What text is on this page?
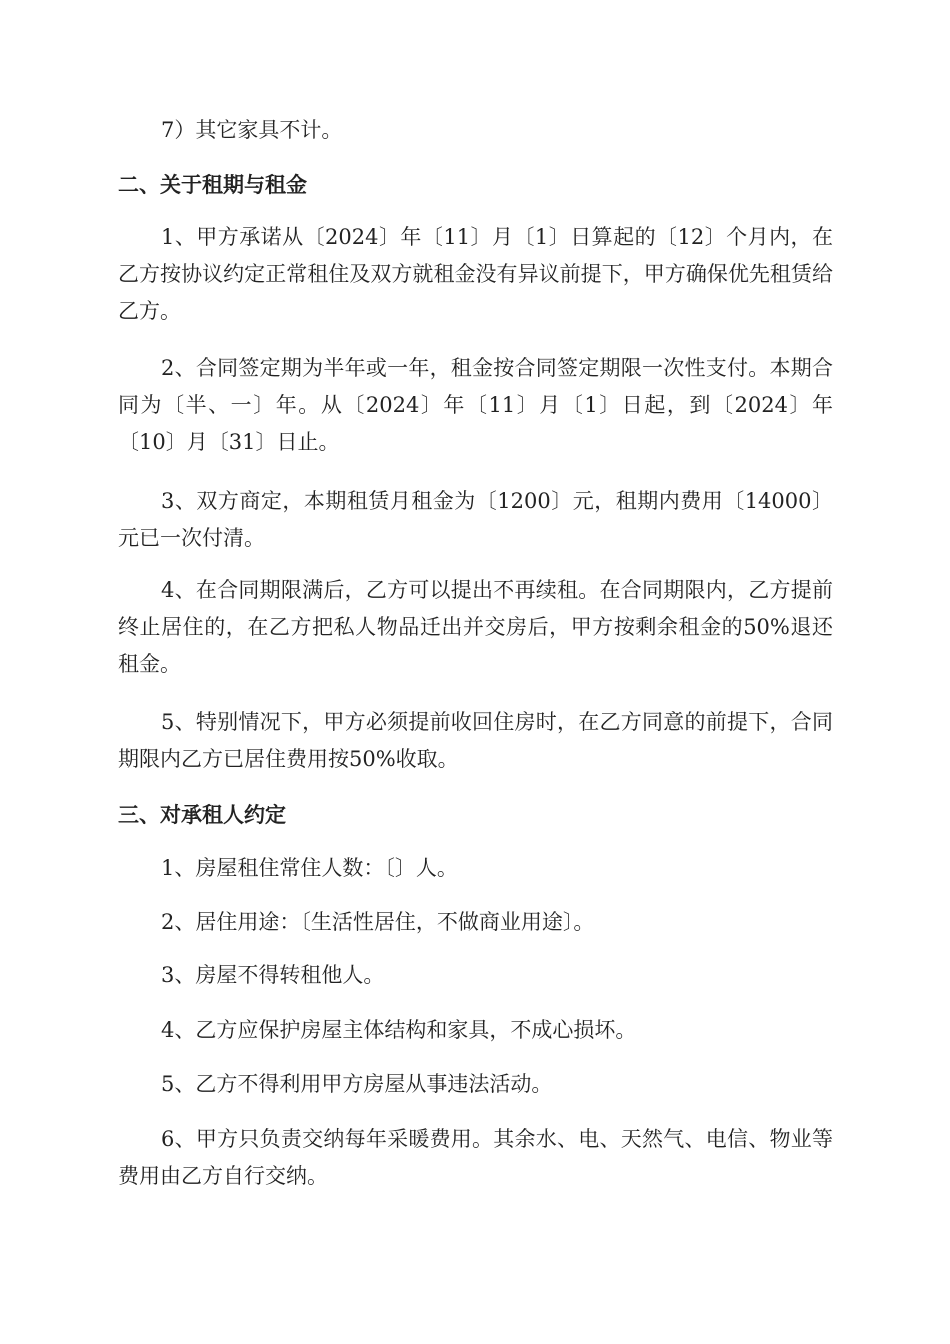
7）其它家具不计。

二、关于租期与租金

1、甲方承诺从〔2024〕年〔11〕月〔1〕日算起的〔12〕个月内，在乙方按协议约定正常租住及双方就租金没有异议前提下，甲方确保优先租赁给乙方。

2、合同签定期为半年或一年，租金按合同签定期限一次性支付。本期合同为〔半、一〕年。从〔2024〕年〔11〕月〔1〕日起，到〔2024〕年〔10〕月〔31〕日止。

3、双方商定，本期租赁月租金为〔1200〕元，租期内费用〔14000〕元已一次付清。

4、在合同期限满后，乙方可以提出不再续租。在合同期限内，乙方提前终止居住的，在乙方把私人物品迁出并交房后，甲方按剩余租金的50%退还租金。

5、特别情况下，甲方必须提前收回住房时，在乙方同意的前提下，合同期限内乙方已居住费用按50%收取。

三、对承租人约定

1、房屋租住常住人数：〔〕人。

2、居住用途：〔生活性居住，不做商业用途〕。

3、房屋不得转租他人。

4、乙方应保护房屋主体结构和家具，不成心损坏。

5、乙方不得利用甲方房屋从事违法活动。

6、甲方只负责交纳每年采暖费用。其余水、电、天然气、电信、物业等费用由乙方自行交纳。
